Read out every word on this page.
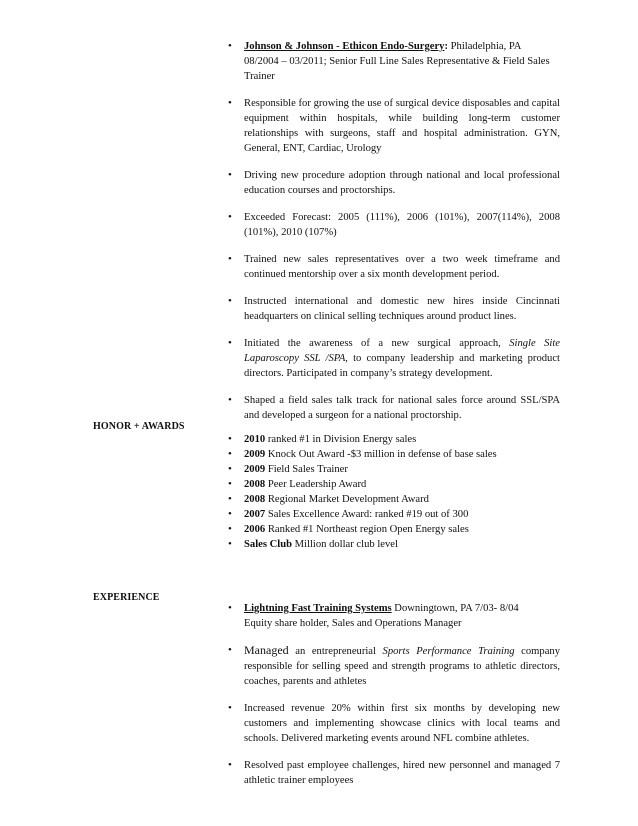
• Johnson & Johnson - Ethicon Endo-Surgery: Philadelphia, PA
08/2004 – 03/2011; Senior Full Line Sales Representative & Field Sales Trainer
• Responsible for growing the use of surgical device disposables and capital equipment within hospitals, while building long-term customer relationships with surgeons, staff and hospital administration. GYN, General, ENT, Cardiac, Urology
• Driving new procedure adoption through national and local professional education courses and proctorships.
• Exceeded Forecast: 2005 (111%), 2006 (101%), 2007(114%), 2008 (101%), 2010 (107%)
• Trained new sales representatives over a two week timeframe and continued mentorship over a six month development period.
• Instructed international and domestic new hires inside Cincinnati headquarters on clinical selling techniques around product lines.
• Initiated the awareness of a new surgical approach, Single Site Laparoscopy SSL /SPA, to company leadership and marketing product directors. Participated in company’s strategy development.
• Shaped a field sales talk track for national sales force around SSL/SPA and developed a surgeon for a national proctorship.
HONOR + AWARDS
• 2010 ranked #1 in Division Energy sales
• 2009 Knock Out Award -$3 million in defense of base sales
• 2009 Field Sales Trainer
• 2008 Peer Leadership Award
• 2008 Regional Market Development Award
• 2007 Sales Excellence Award: ranked #19 out of 300
• 2006 Ranked #1 Northeast region Open Energy sales
• Sales Club Million dollar club level
EXPERIENCE
• Lightning Fast Training Systems Downingtown, PA 7/03- 8/04
Equity share holder, Sales and Operations Manager
• Managed an entrepreneurial Sports Performance Training company responsible for selling speed and strength programs to athletic directors, coaches, parents and athletes
• Increased revenue 20% within first six months by developing new customers and implementing showcase clinics with local teams and schools. Delivered marketing events around NFL combine athletes.
• Resolved past employee challenges, hired new personnel and managed 7 athletic trainer employees
